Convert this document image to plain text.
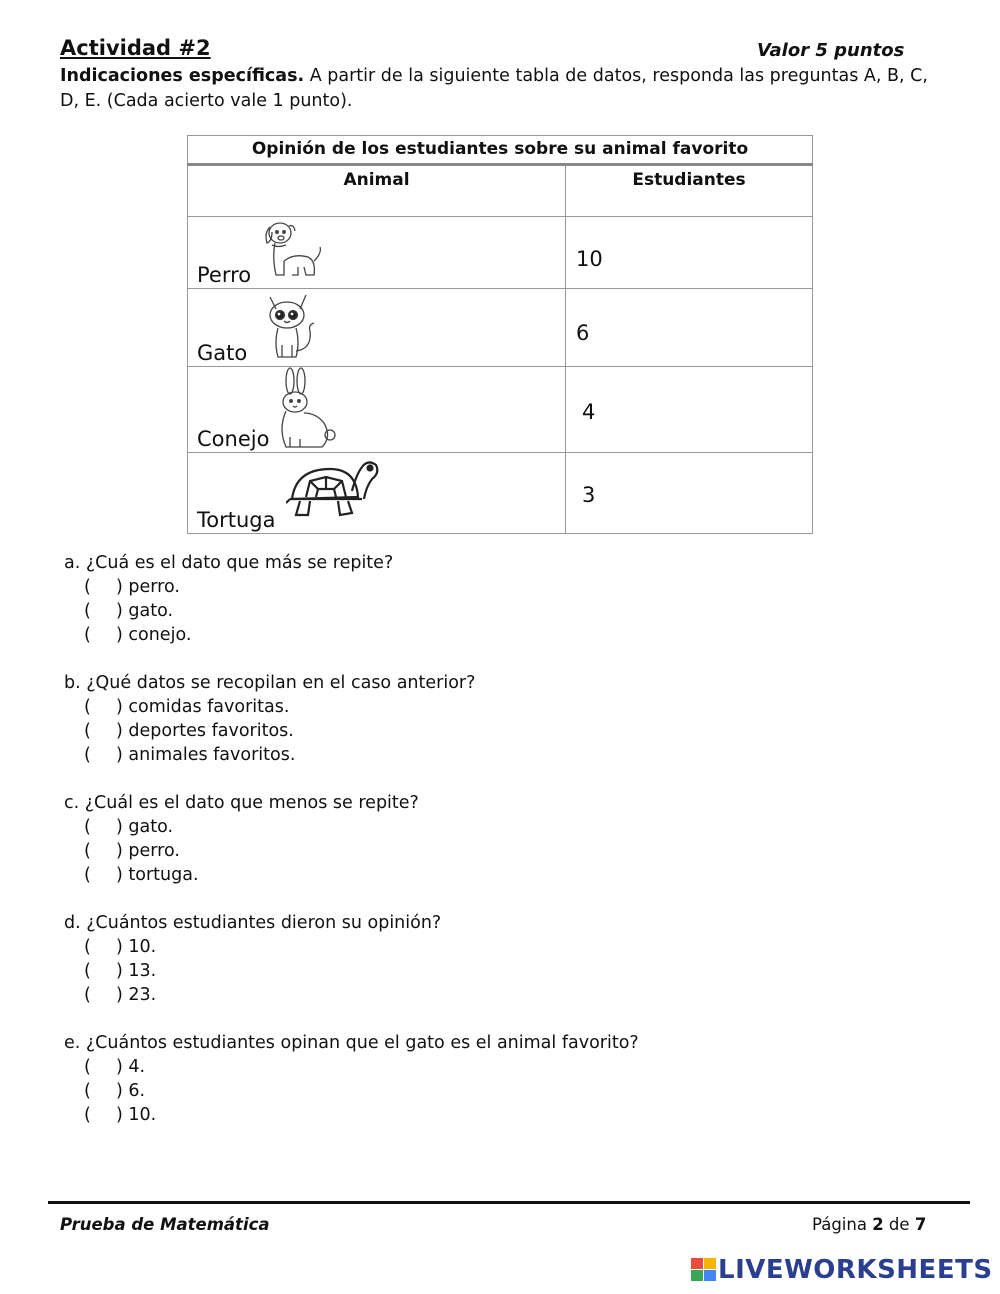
Actividad #2	Valor 5 puntos
Indicaciones específicas. A partir de la siguiente tabla de datos, responda las preguntas A, B, C, D, E. (Cada acierto vale 1 punto).
Opinión de los estudiantes sobre su animal favorito	
Animal	Estudiantes

Perro	10

Gato	6

Conejo	4

Tortuga	3
a. ¿Cuá es el dato que más se repite?
( ) perro.
( ) gato.
( ) conejo.
b. ¿Qué datos se recopilan en el caso anterior?
( ) comidas favoritas.
( ) deportes favoritos.
( ) animales favoritos.
c. ¿Cuál es el dato que menos se repite?
( ) gato.
( ) perro.
( ) tortuga.
d. ¿Cuántos estudiantes dieron su opinión?
( ) 10.
( ) 13.
( ) 23.
e. ¿Cuántos estudiantes opinan que el gato es el animal favorito?
( ) 4.
( ) 6.
( ) 10.
Prueba de Matemática	Página 2 de 7
LIVEWORKSHEETS
